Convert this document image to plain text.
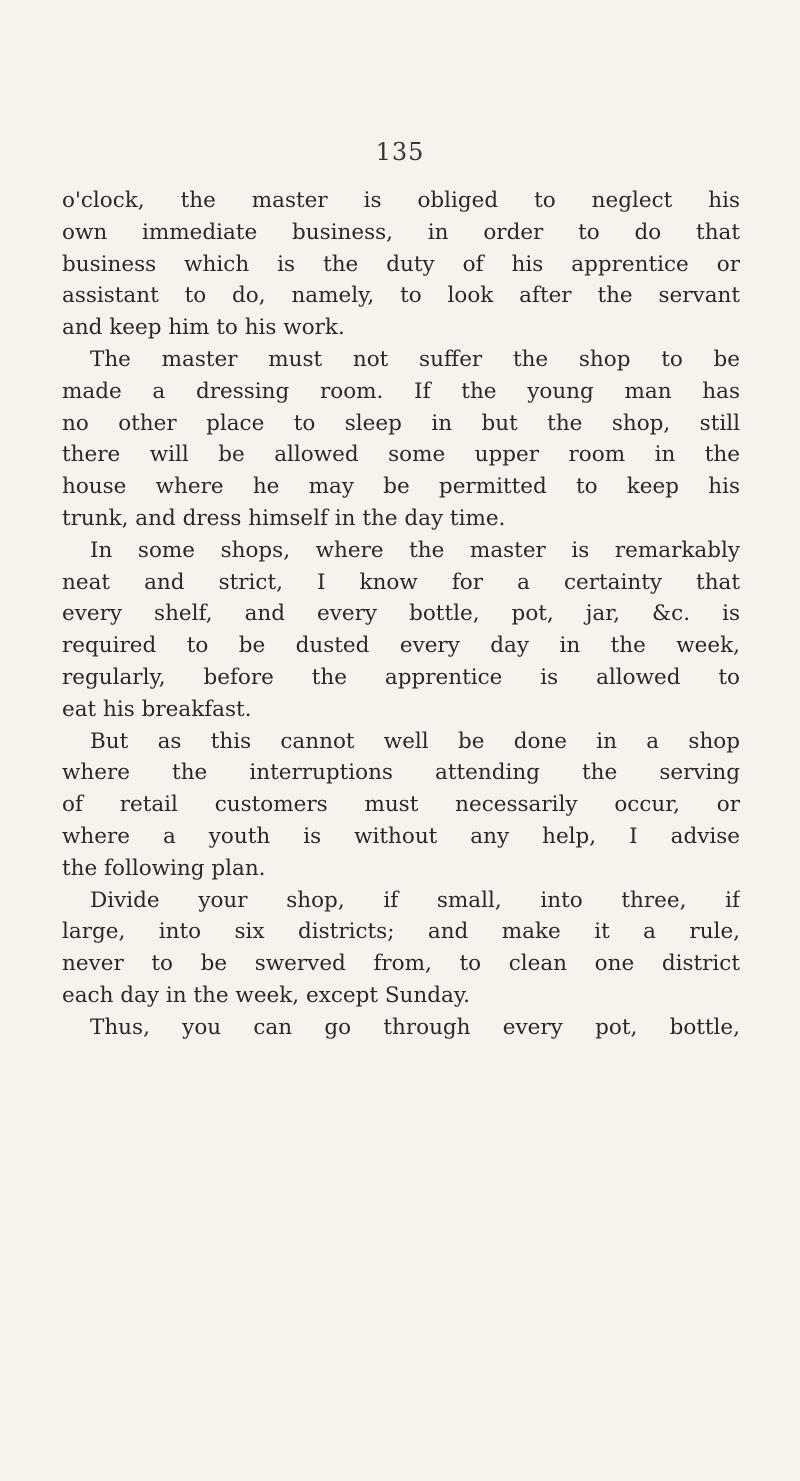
135
o'clock, the master is obliged to neglect his
own immediate business, in order to do that
business which is the duty of his apprentice or
assistant to do, namely, to look after the servant
and keep him to his work.
The master must not suffer the shop to be
made a dressing room. If the young man has
no other place to sleep in but the shop, still
there will be allowed some upper room in the
house where he may be permitted to keep his
trunk, and dress himself in the day time.
In some shops, where the master is remarkably
neat and strict, I know for a certainty that
every shelf, and every bottle, pot, jar, &c. is
required to be dusted every day in the week,
regularly, before the apprentice is allowed to
eat his breakfast.
But as this cannot well be done in a shop
where the interruptions attending the serving
of retail customers must necessarily occur, or
where a youth is without any help, I advise
the following plan.
Divide your shop, if small, into three, if
large, into six districts; and make it a rule,
never to be swerved from, to clean one district
each day in the week, except Sunday.
Thus, you can go through every pot, bottle,
